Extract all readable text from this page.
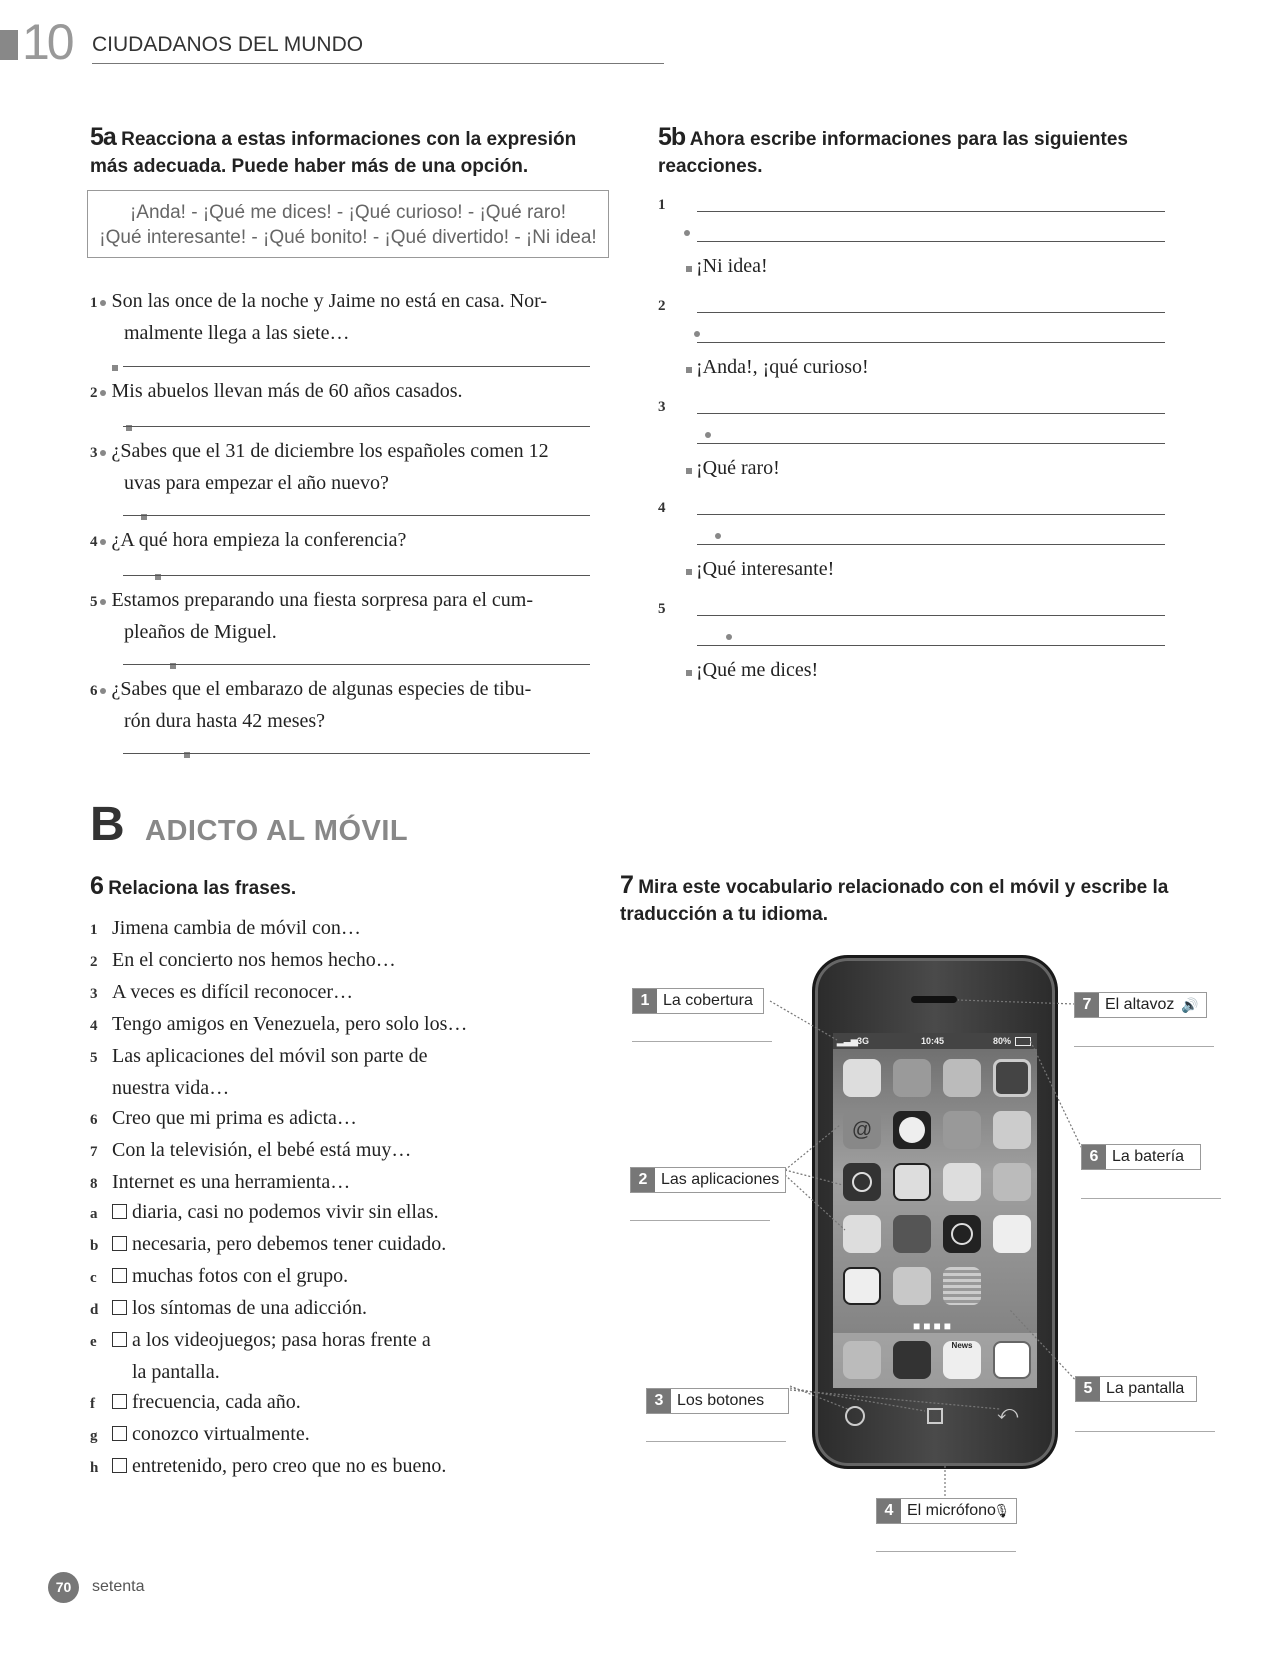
10 CIUDADANOS DEL MUNDO
5a Reacciona a estas informaciones con la expresión más adecuada. Puede haber más de una opción.
¡Anda! - ¡Qué me dices! - ¡Qué curioso! - ¡Qué raro!
¡Qué interesante! - ¡Qué bonito! - ¡Qué divertido! - ¡Ni idea!
1 Son las once de la noche y Jaime no está en casa. Nor-
malmente llega a las siete…

2 Mis abuelos llevan más de 60 años casados.

3 ¿Sabes que el 31 de diciembre los españoles comen 12
uvas para empezar el año nuevo?

4 ¿A qué hora empieza la conferencia?

5 Estamos preparando una fiesta sorpresa para el cum-
pleaños de Miguel.

6 ¿Sabes que el embarazo de algunas especies de tibu-
rón dura hasta 42 meses?
5b Ahora escribe informaciones para las siguientes reacciones.
1

¡Ni idea!
2

¡Anda!, ¡qué curioso!
3

¡Qué raro!
4

¡Qué interesante!
5
¡Qué me dices!
B ADICTO AL MÓVIL
6 Relaciona las frases.
1 Jimena cambia de móvil con…
2 En el concierto nos hemos hecho…
3 A veces es difícil reconocer…
4 Tengo amigos en Venezuela, pero solo los…
5 Las aplicaciones del móvil son parte de
nuestra vida…
6 Creo que mi prima es adicta…
7 Con la televisión, el bebé está muy…
8 Internet es una herramienta…
a diaria, casi no podemos vivir sin ellas.
b necesaria, pero debemos tener cuidado.
c muchas fotos con el grupo.
d los síntomas de una adicción.
e a los videojuegos; pasa horas frente a
la pantalla.
f frecuencia, cada año.
g conozco virtualmente.
h entretenido, pero creo que no es bueno.
7 Mira este vocabulario relacionado con el móvil y escribe la traducción a tu idioma.
▂▃▅ 3G	10:45	80%
@
■■■■
News
⤺
1 La cobertura
2 Las aplicaciones
3 Los botones
4 El micrófono
🎙
5 La pantalla
6 La batería
7 El altavoz 🔊
70	setenta
